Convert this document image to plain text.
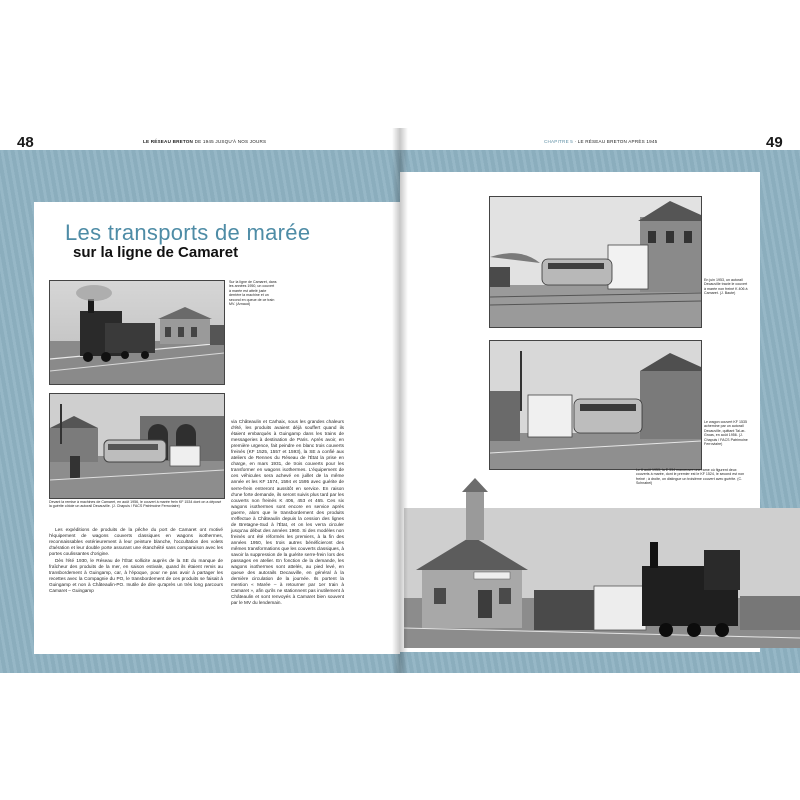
48	LE RÉSEAU BRETON DE 1945 JUSQU'À NOS JOURS
Les transports de marée
sur la ligne de Camaret
Sur la ligne de Camaret, dans les années 1950, un couvert à marée est attelé juste derrière la machine et un second en queue de ce train MV. (Arnaud)
Devant la remise à machines de Camaret, en août 1956, le couvert à marée frein KF 1534 dont on a déposé la guérite côtoie un autorail Decauville. (J. Chapuis / FACS Patrimoine Ferroviaire)

Les expéditions de produits de la pêche du port de Camaret ont motivé l'équipement de wagons couverts classiques en wagons isothermes, reconnaissables extérieurement à leur peinture blanche, l'occultation des volets d'aération et leur double porte assurant une étanchéité sans comparaison avec les portes coulissantes d'origine.

Dès l'été 1930, le Réseau de l'État sollicite auprès de la SE du manque de fraîcheur des produits de la mer, en saison estivale, quand ils étaient remis au transbordement à Guingamp, car, à l'époque, pour ne pas avoir à partager les recettes avec la Compagnie du PO, le transbordement de ces produits se faisait à Guingamp et non à Châteaulin-PO. Inutile de dire qu'après un très long parcours Camaret – Guingamp

via Châteaulin et Carhaix, sous les grandes chaleurs d'été, les produits avaient déjà souffert quand ils étaient embarqués à Guingamp dans les trains de messageries à destination de Paris. Après avoir, en première urgence, fait peindre en blanc trois couverts freinés (KF 1525, 1557 et 1593), la SE a confié aux ateliers de Rennes du Réseau de l'État la prise en charge, en mars 1931, de trois couverts pour les transformer en wagons isothermes. L'équipement de ces véhicules sera achevé en juillet de la même année et les KF 1574, 1594 et 1595 avec guérite de serre-frein entreront aussitôt en service. En raison d'une forte demande, ils seront suivis plus tard par les couverts non freinés K 406, 453 et 465. Ces six wagons isothermes sont encore en service après guerre, alors que le transbordement des produits s'effectue à Châteaulin depuis la cession des lignes de Bretagne-Sud à l'État, et on les verra circuler jusqu'au début des années 1960. Si des modèles non freinés ont été réformés les premiers, à la fin des années 1950, les trois autres bénéficieront des mêmes transformations que les couverts classiques, à savoir la suppression de la guérite serre-frein lors des passages en atelier. En fonction de la demande, les wagons isothermes sont attelés, au pied levé, en queue des autorails Decauville, en général à la dernière circulation de la journée. Ils portent la mention « Marée – à retourner par 1er train à Camaret », afin qu'ils ne stationnent pas inutilement à Châteaulin et sont renvoyés à Camaret bien souvent par le MV du lendemain.

CHAPITRE 5 · LE RÉSEAU BRETON APRÈS 1945	49
En juin 1953, un autorail Decauville tracte le couvert à marée non freiné K 406 à Camaret. (J. Baute)
Le wagon couvert KF 1535 achemine par un autorail Decauville, quittant Tal-ar-Groas, en août 1956. (J. Chapuis / FACS Patrimoine Ferroviaire)
Le 6 août 1953, la E 334 manœuvre une rame où figurent deux couverts à marée, dont le premier est le KF 1524, le second est non freiné ; à droite, on distingue un troisième couvert avec guérite. (C. Schnabel)
